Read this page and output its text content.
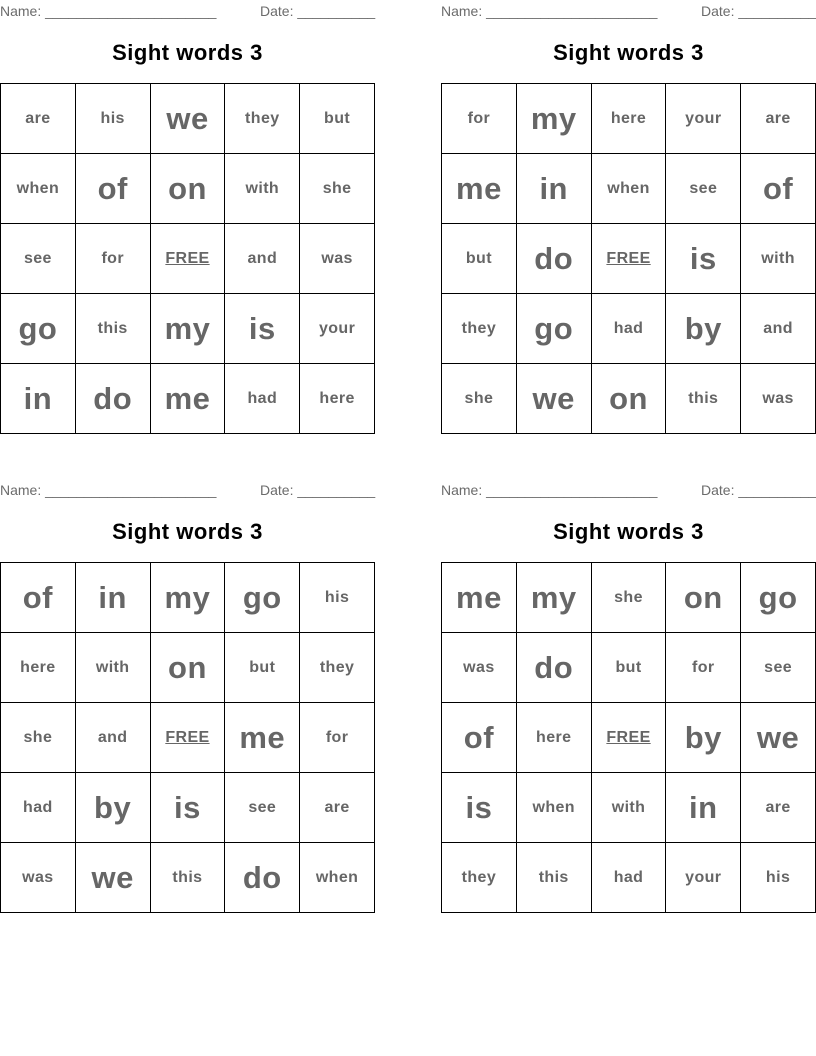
Name: ______________________	Date: __________
Sight words 3
are	his	we	they	but
when	of	on	with	she
see	for	FREE	and	was
go	this	my	is	your
in	do	me	had	here
Name: ______________________	Date: __________
Sight words 3
for	my	here	your	are
me	in	when	see	of
but	do	FREE	is	with
they	go	had	by	and
she	we	on	this	was
Name: ______________________	Date: __________
Sight words 3
of	in	my	go	his
here	with	on	but	they
she	and	FREE	me	for
had	by	is	see	are
was	we	this	do	when
Name: ______________________	Date: __________
Sight words 3
me	my	she	on	go
was	do	but	for	see
of	here	FREE	by	we
is	when	with	in	are
they	this	had	your	his
